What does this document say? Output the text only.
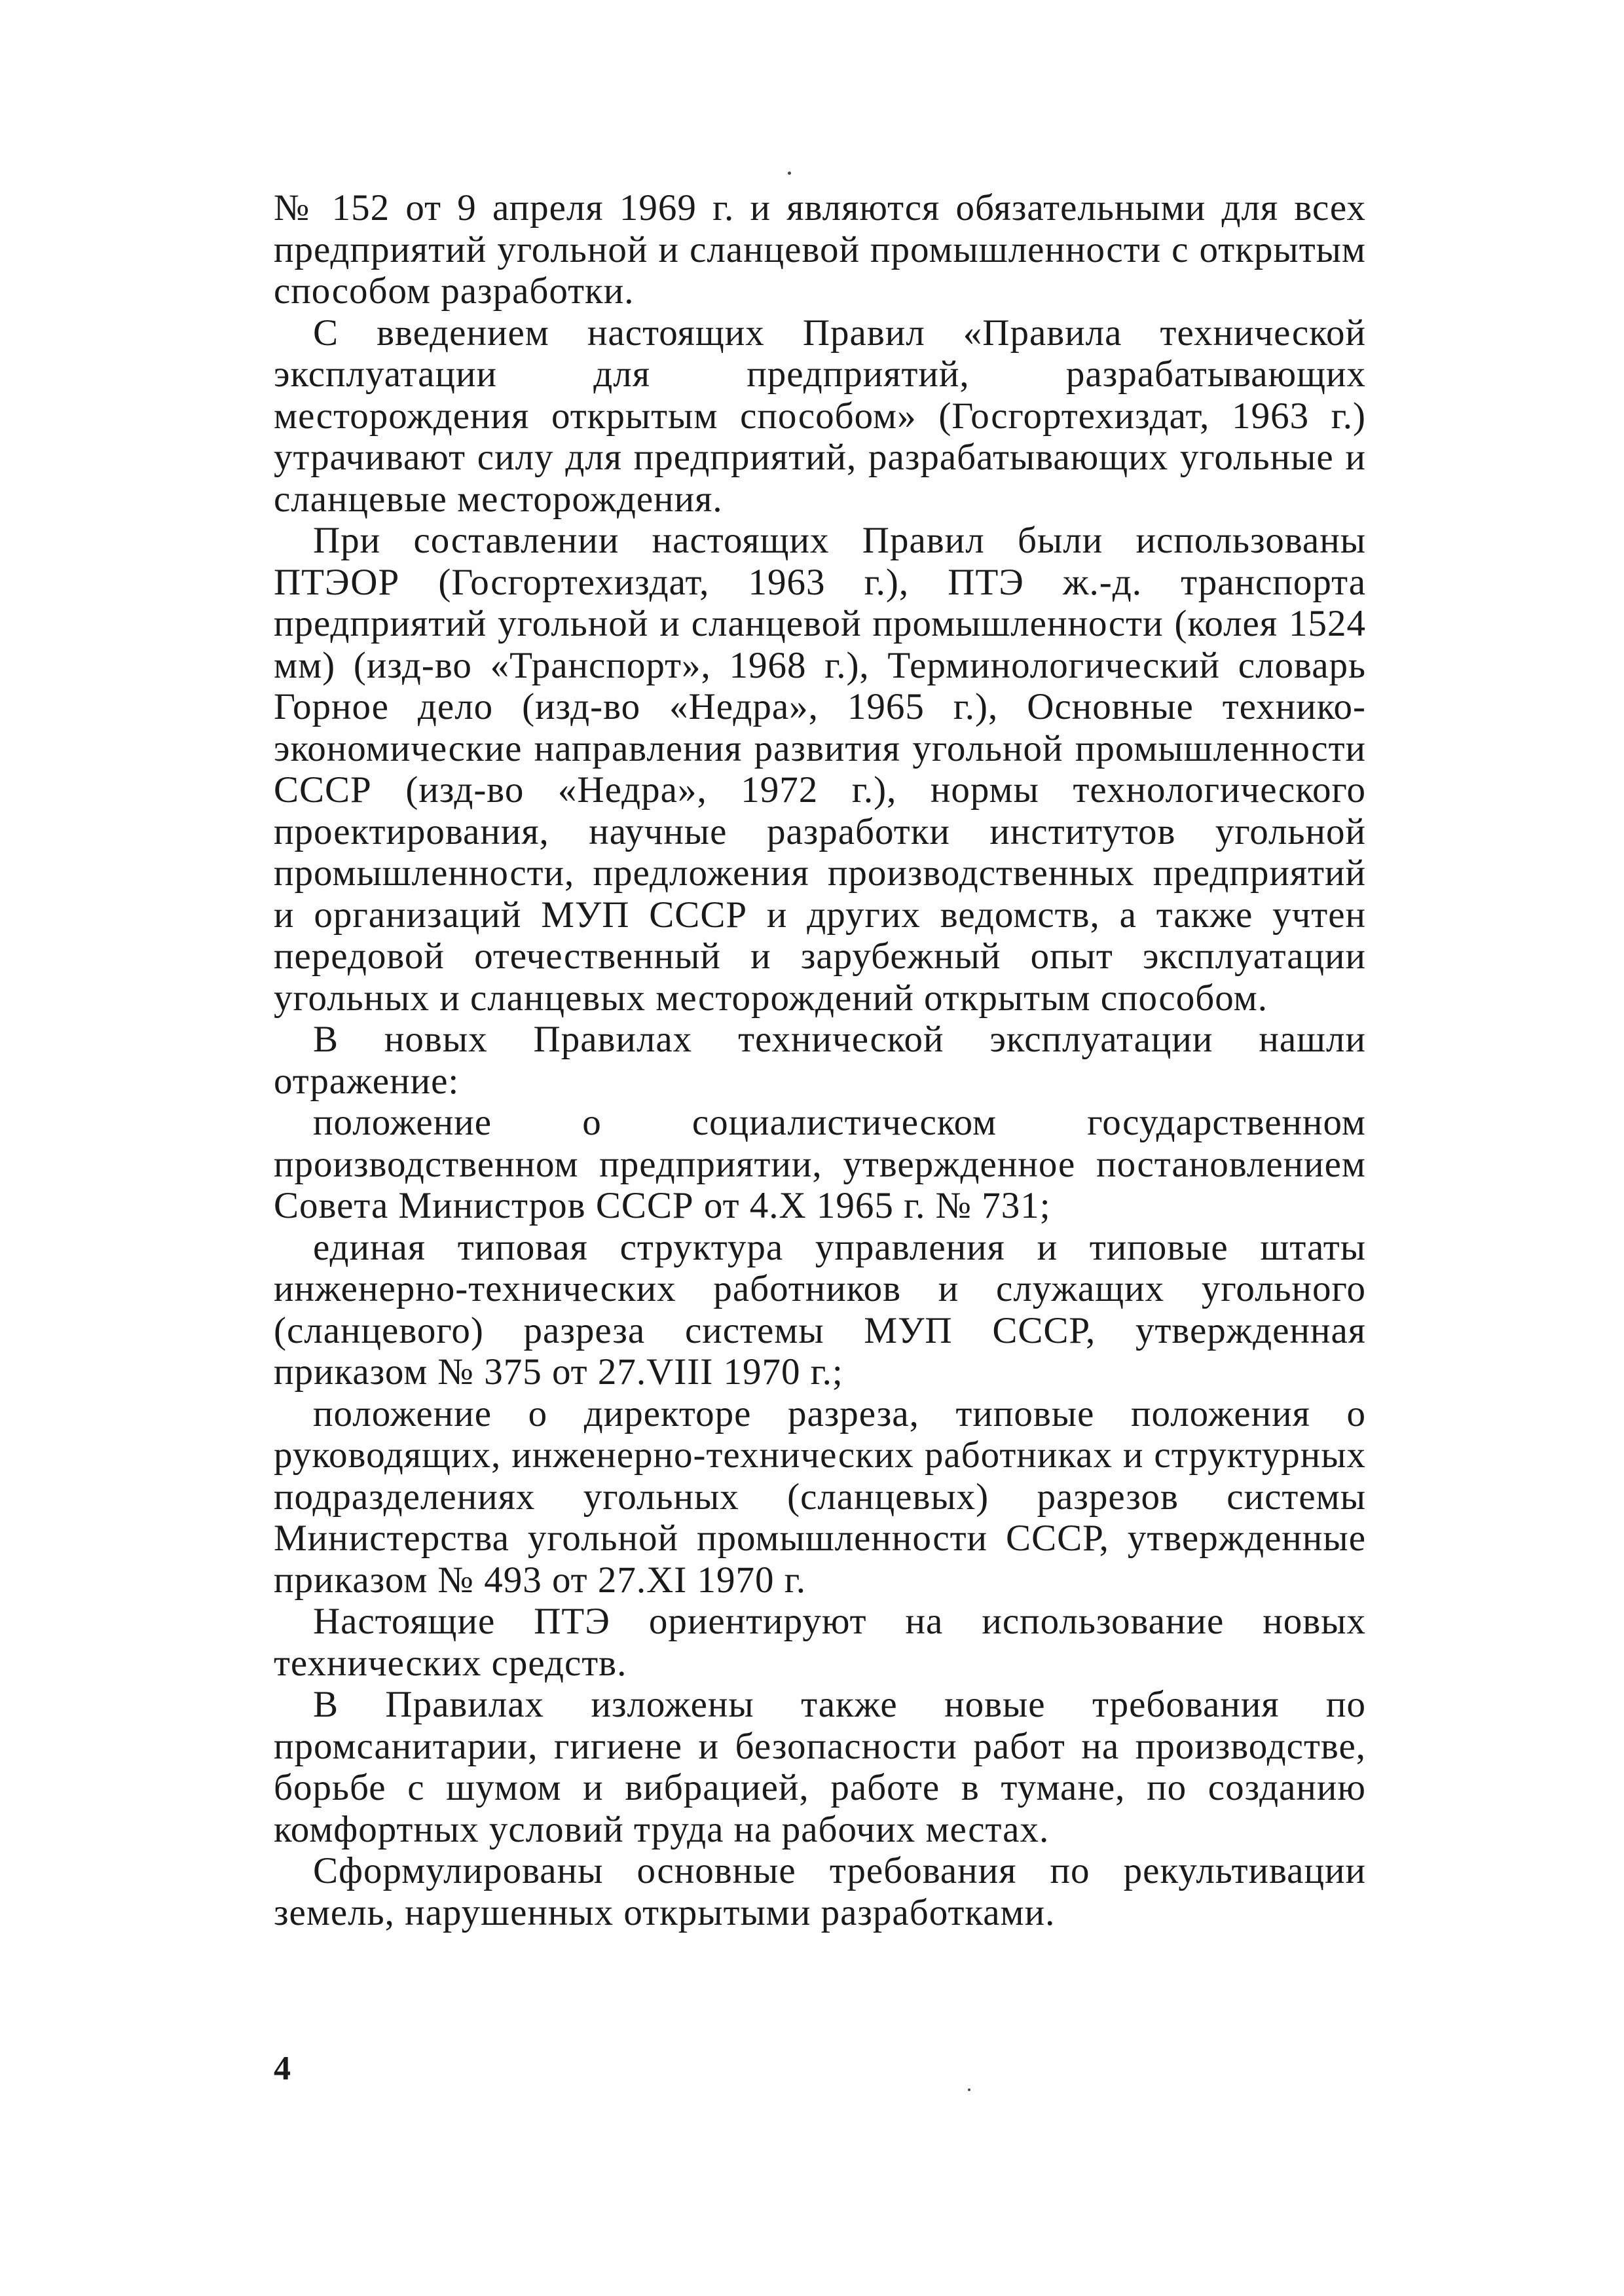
№ 152 от 9 апреля 1969 г. и являются обязательными для всех предприятий угольной и сланцевой промышленности с открытым способом разработки.

С введением настоящих Правил «Правила технической эксплуатации для предприятий, разрабатывающих месторождения открытым способом» (Госгортехиздат, 1963 г.) утрачивают силу для предприятий, разрабатывающих угольные и сланцевые месторождения.

При составлении настоящих Правил были использованы ПТЭОР (Госгортехиздат, 1963 г.), ПТЭ ж.-д. транспорта предприятий угольной и сланцевой промышленности (колея 1524 мм) (изд-во «Транспорт», 1968 г.), Терминологический словарь Горное дело (изд-во «Недра», 1965 г.), Основные технико-экономические направления развития угольной промышленности СССР (изд-во «Недра», 1972 г.), нормы технологического проектирования, научные разработки институтов угольной промышленности, предложения производственных предприятий и организаций МУП СССР и других ведомств, а также учтен передовой отечественный и зарубежный опыт эксплуатации угольных и сланцевых месторождений открытым способом.

В новых Правилах технической эксплуатации нашли отражение:

положение о социалистическом государственном производственном предприятии, утвержденное постановлением Совета Министров СССР от 4.X 1965 г. № 731;

единая типовая структура управления и типовые штаты инженерно-технических работников и служащих угольного (сланцевого) разреза системы МУП СССР, утвержденная приказом № 375 от 27.VIII 1970 г.;

положение о директоре разреза, типовые положения о руководящих, инженерно-технических работниках и структурных подразделениях угольных (сланцевых) разрезов системы Министерства угольной промышленности СССР, утвержденные приказом № 493 от 27.XI 1970 г.

Настоящие ПТЭ ориентируют на использование новых технических средств.

В Правилах изложены также новые требования по промсанитарии, гигиене и безопасности работ на производстве, борьбе с шумом и вибрацией, работе в тумане, по созданию комфортных условий труда на рабочих местах.

Сформулированы основные требования по рекультивации земель, нарушенных открытыми разработками.

4
